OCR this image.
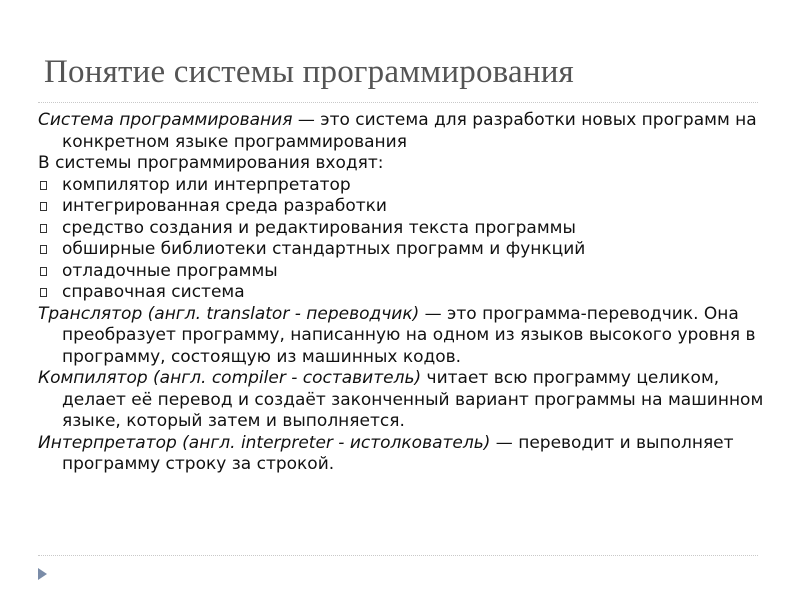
Понятие системы программирования
Система программирования — это система для разработки новых программ на конкретном языке программирования
В системы программирования входят:
компилятор или интерпретатор
интегрированная среда разработки
средство создания и редактирования текста программы
обширные библиотеки стандартных программ и функций
отладочные программы
справочная система
Транслятор (англ. translator - переводчик) — это программа-переводчик. Она преобразует программу, написанную на одном из языков высокого уровня в программу, состоящую из машинных кодов.
Компилятор (англ. compiler - составитель) читает всю программу целиком, делает её перевод и создаёт законченный вариант программы на машинном языке, который затем и выполняется.
Интерпретатор (англ. interpreter - истолкователь) — переводит и выполняет программу строку за строкой.
